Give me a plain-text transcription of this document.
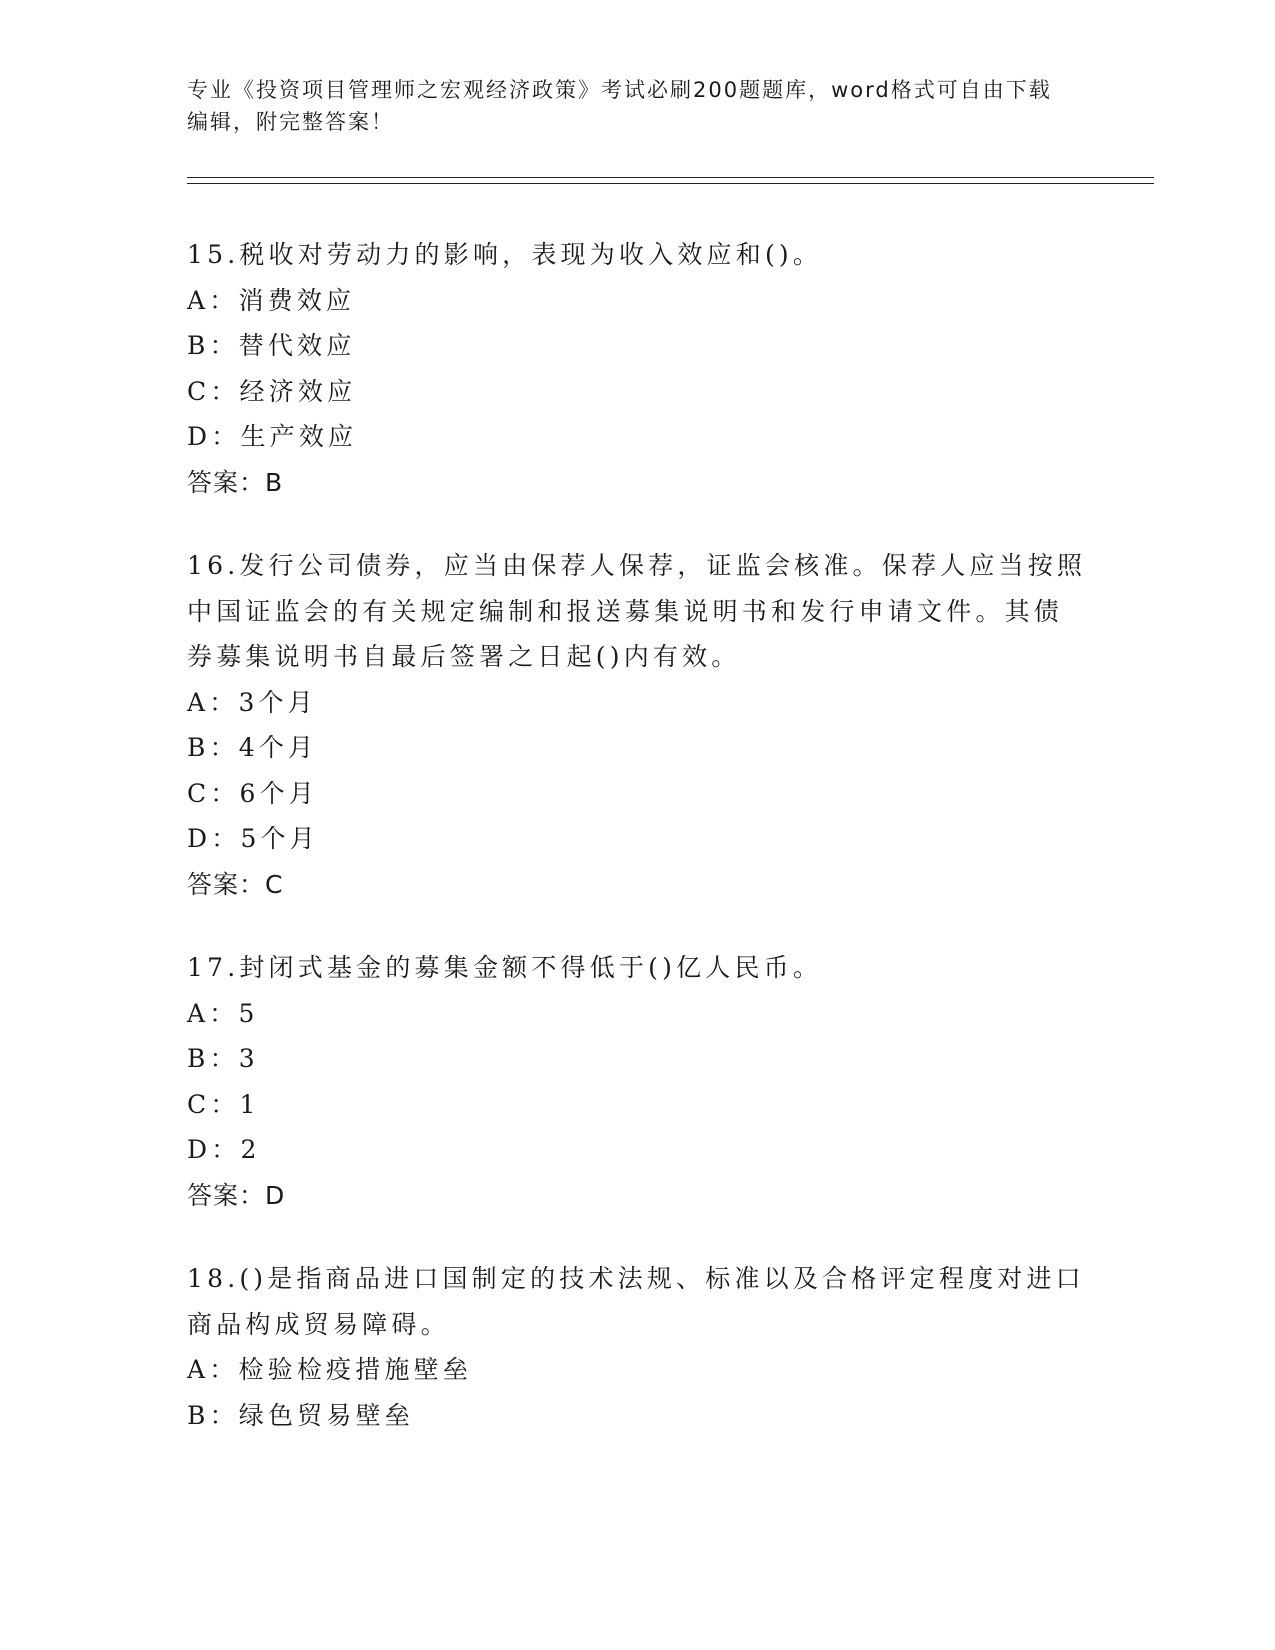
专业《投资项目管理师之宏观经济政策》考试必刷200题题库，word格式可自由下载编辑，附完整答案！

15.税收对劳动力的影响，表现为收入效应和()。

A：消费效应

B：替代效应

C：经济效应

D：生产效应

答案：B

16.发行公司债券，应当由保荐人保荐，证监会核准。保荐人应当按照中国证监会的有关规定编制和报送募集说明书和发行申请文件。其债券募集说明书自最后签署之日起()内有效。

A：3个月

B：4个月

C：6个月

D：5个月

答案：C

17.封闭式基金的募集金额不得低于()亿人民币。

A：5

B：3

C：1

D：2

答案：D

18.()是指商品进口国制定的技术法规、标准以及合格评定程度对进口商品构成贸易障碍。

A：检验检疫措施壁垒

B：绿色贸易壁垒
